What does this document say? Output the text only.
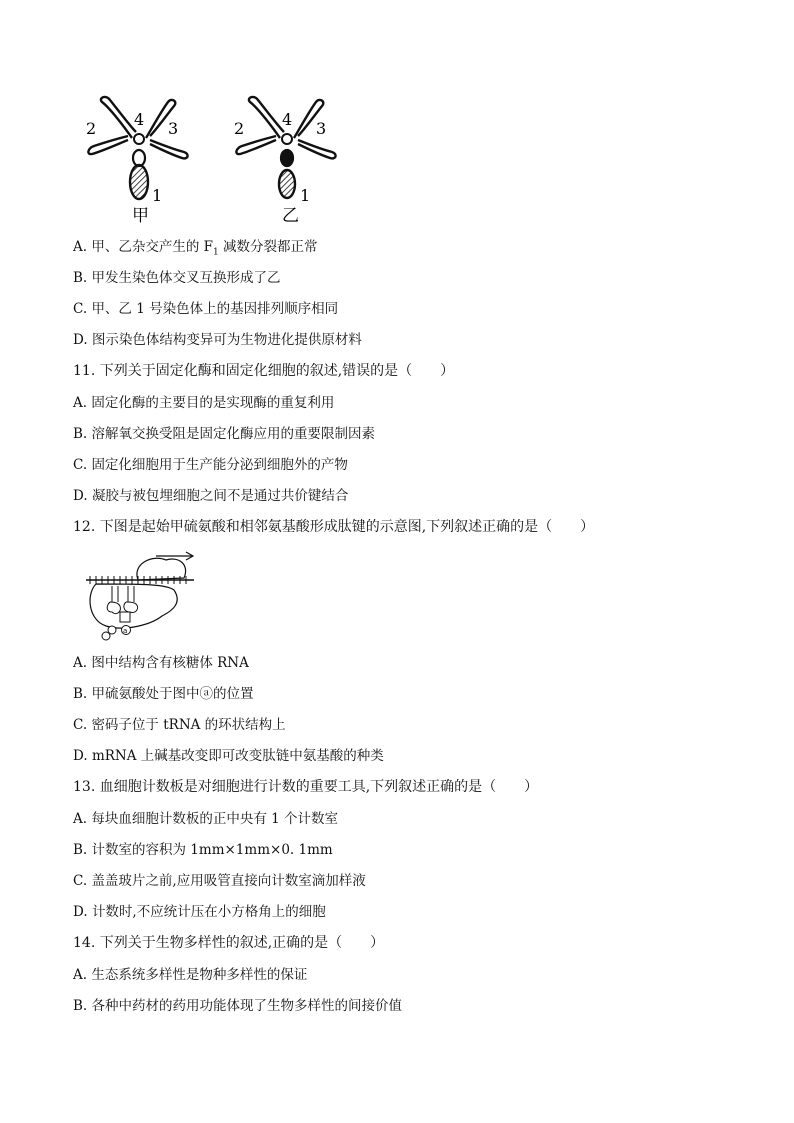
2 4 3
1
甲
2 4 3
1
乙
A. 甲、乙杂交产生的 $F_1$ 减数分裂都正常
B. 甲发生染色体交叉互换形成了乙
C. 甲、乙 1 号染色体上的基因排列顺序相同
D. 图示染色体结构变异可为生物进化提供原材料
11. 下列关于固定化酶和固定化细胞的叙述,错误的是（　　）
A. 固定化酶的主要目的是实现酶的重复利用
B. 溶解氧交换受阻是固定化酶应用的重要限制因素
C. 固定化细胞用于生产能分泌到细胞外的产物
D. 凝胶与被包埋细胞之间不是通过共价键结合
12. 下图是起始甲硫氨酸和相邻氨基酸形成肽键的示意图,下列叙述正确的是（　　）
a
A. 图中结构含有核糖体 RNA
B. 甲硫氨酸处于图中ⓐ的位置
C. 密码子位于 tRNA 的环状结构上
D. mRNA 上碱基改变即可改变肽链中氨基酸的种类
13. 血细胞计数板是对细胞进行计数的重要工具,下列叙述正确的是（　　）
A. 每块血细胞计数板的正中央有 1 个计数室
B. 计数室的容积为 1mm×1mm×0. 1mm
C. 盖盖玻片之前,应用吸管直接向计数室滴加样液
D. 计数时,不应统计压在小方格角上的细胞
14. 下列关于生物多样性的叙述,正确的是（　　）
A. 生态系统多样性是物种多样性的保证
B. 各种中药材的药用功能体现了生物多样性的间接价值
